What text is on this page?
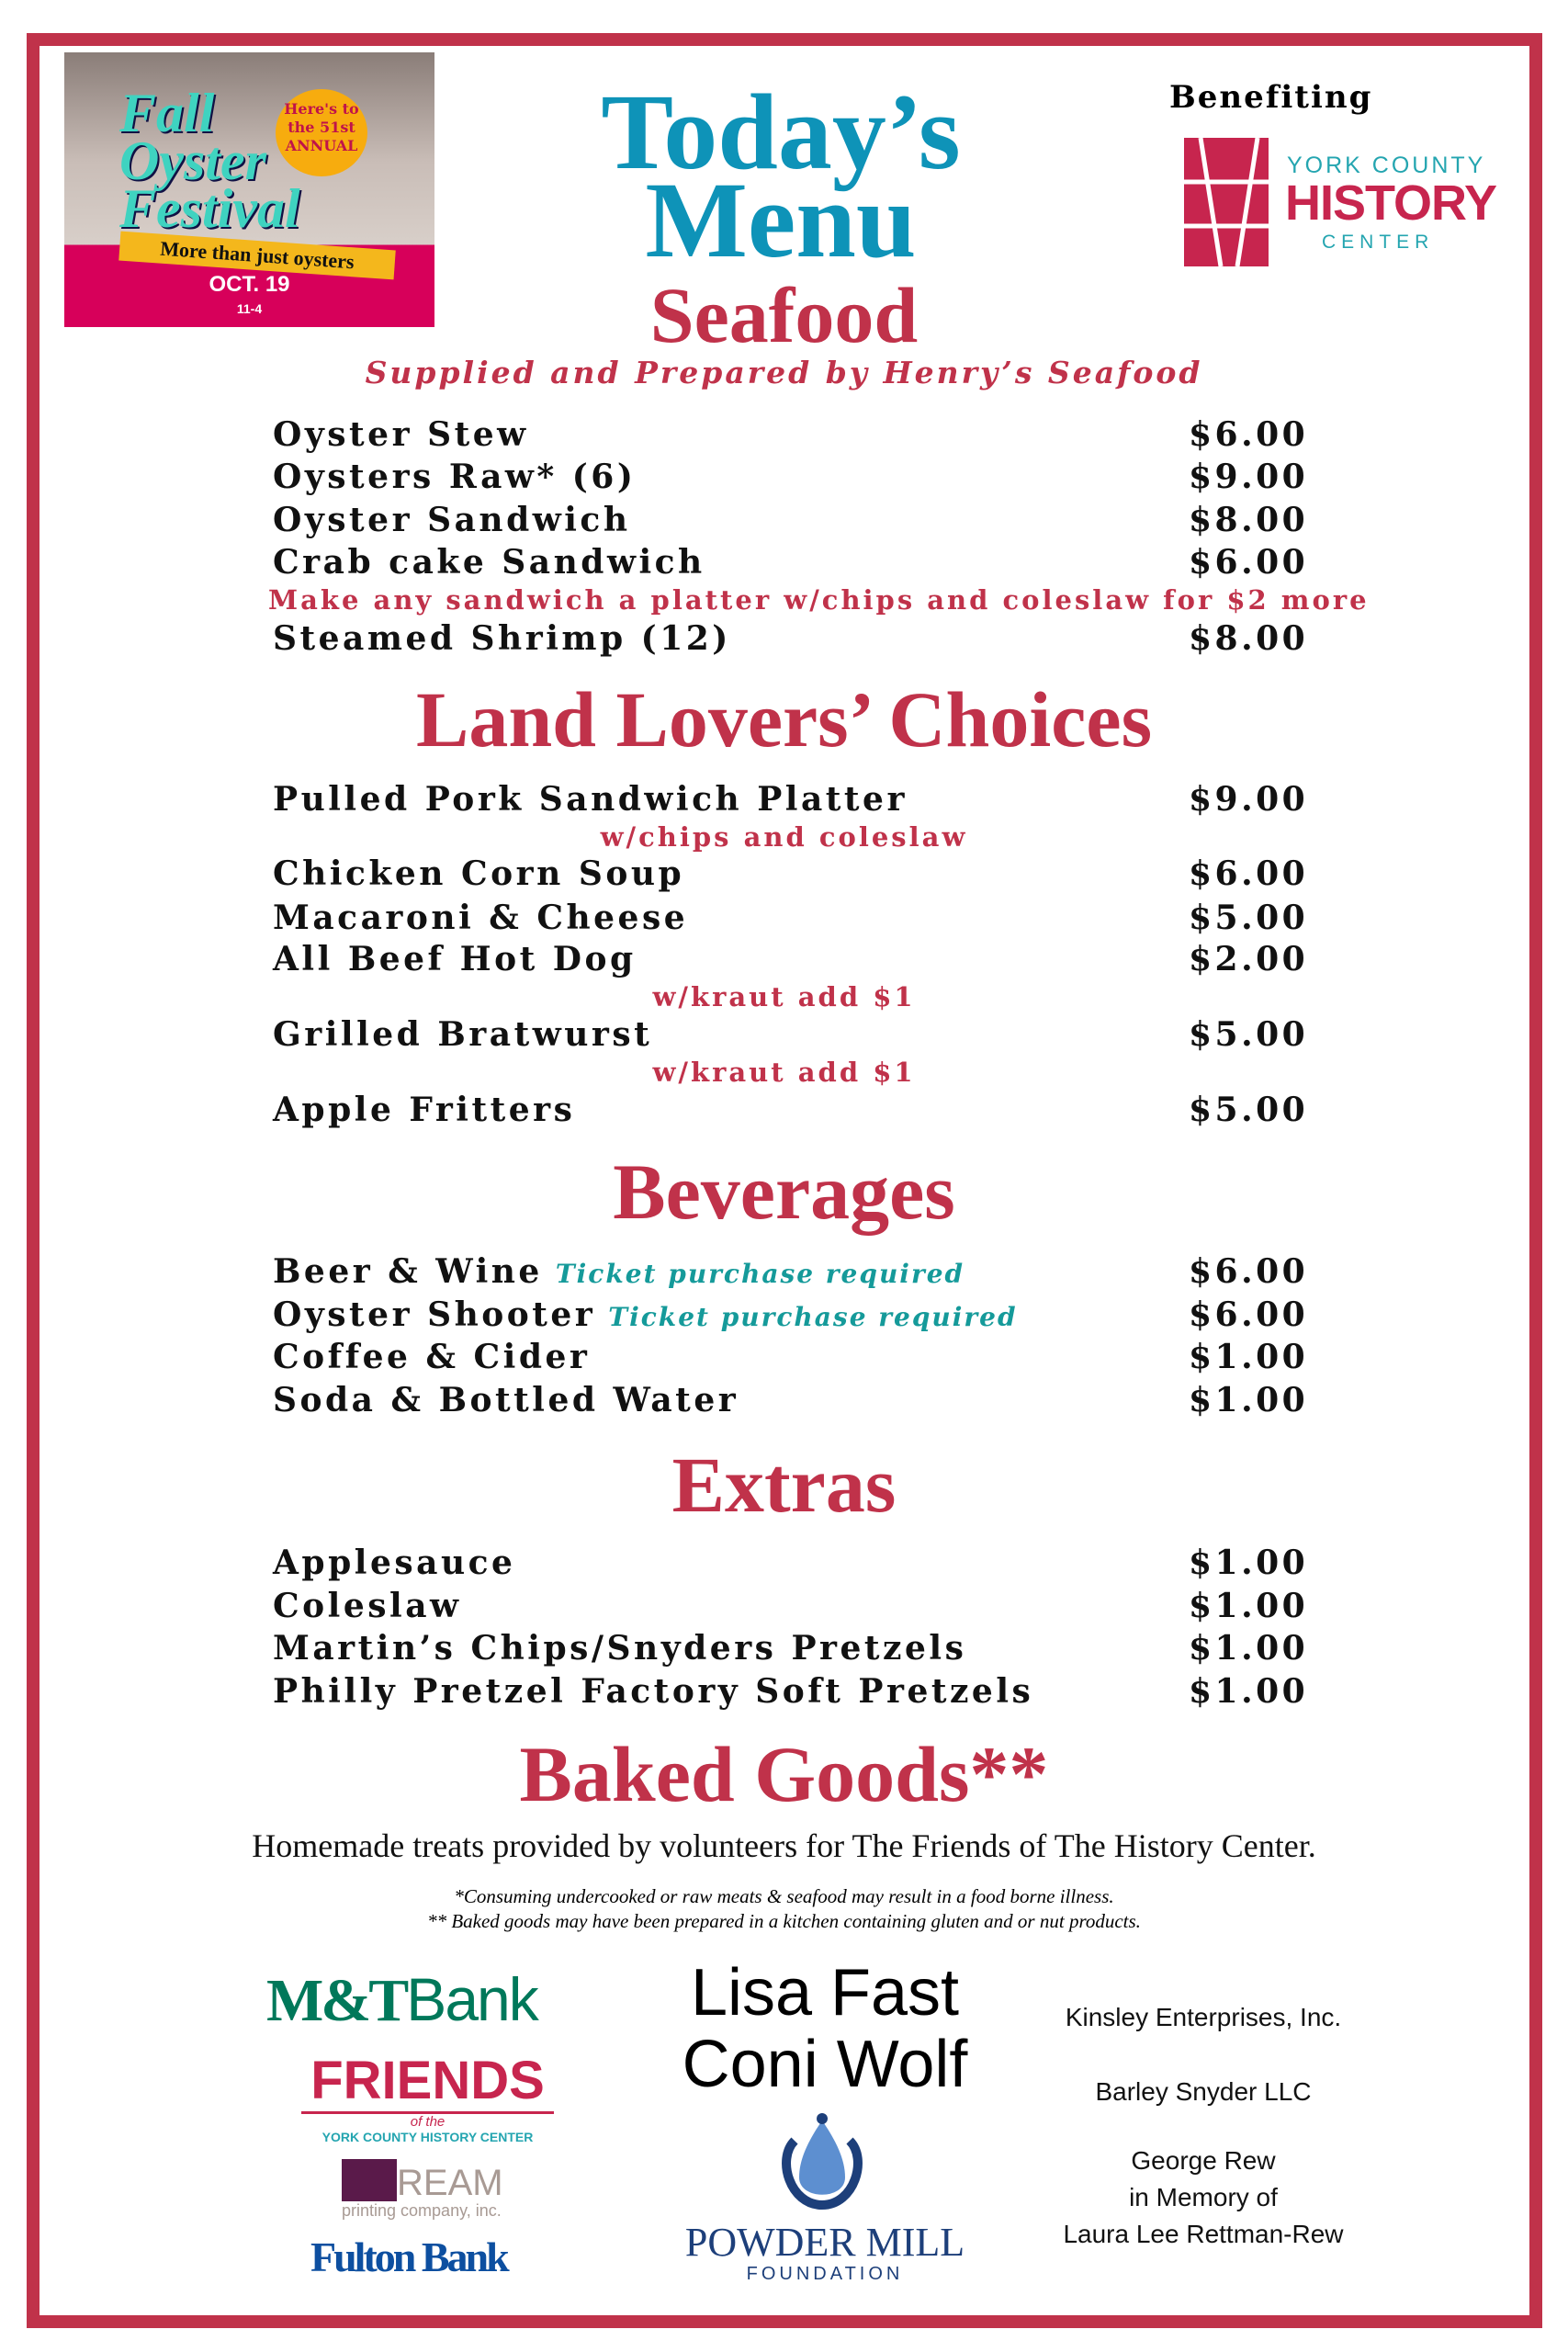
Fall Oyster Festival
Here's to the 51st ANNUAL
More than just oysters
OCT. 19
11-4
Today’s
Menu
Benefiting
YORK COUNTY
HISTORY
CENTER
Seafood
Supplied and Prepared by Henry’s Seafood
Oyster Stew	$6.00
Oysters Raw* (6)	$9.00
Oyster Sandwich	$8.00
Crab cake Sandwich	$6.00
Make any sandwich a platter w/chips and coleslaw for $2 more
Steamed Shrimp (12)	$8.00
Land Lovers’ Choices
Pulled Pork Sandwich Platter	$9.00
w/chips and coleslaw
Chicken Corn Soup	$6.00
Macaroni & Cheese	$5.00
All Beef Hot Dog	$2.00
w/kraut add $1
Grilled Bratwurst	$5.00
w/kraut add $1
Apple Fritters	$5.00
Beverages
Beer & Wine Ticket purchase required	$6.00
Oyster Shooter Ticket purchase required	$6.00
Coffee & Cider	$1.00
Soda & Bottled Water	$1.00
Extras
Applesauce	$1.00
Coleslaw	$1.00
Martin’s Chips/Snyders Pretzels	$1.00
Philly Pretzel Factory Soft Pretzels	$1.00
Baked Goods**
Homemade treats provided by volunteers for The Friends of The History Center.
*Consuming undercooked or raw meats & seafood may result in a food borne illness.
** Baked goods may have been prepared in a kitchen containing gluten and or nut products.
M&TBank
FRIENDS
of the
YORK COUNTY HISTORY CENTER
REAM
printing company, inc.
Fulton Bank
Lisa Fast
Coni Wolf
POWDER MILL
FOUNDATION
Kinsley Enterprises, Inc.
Barley Snyder LLC
George Rew
in Memory of
Laura Lee Rettman-Rew
